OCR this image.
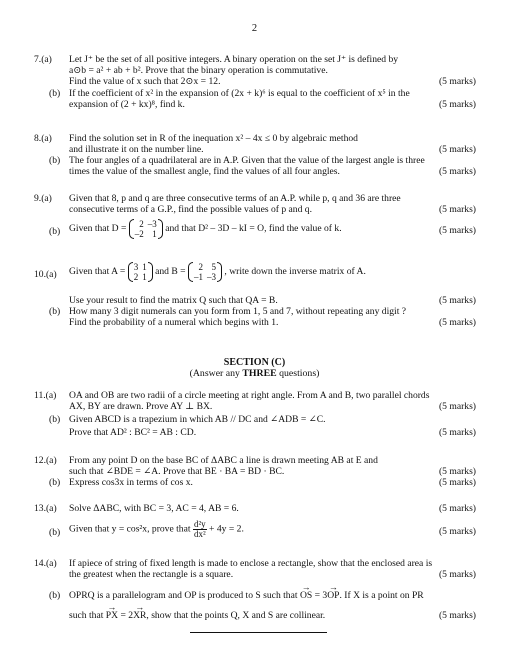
2
7.(a) Let J⁺ be the set of all positive integers. A binary operation on the set J⁺ is defined by
a⊙b = a² + ab + b². Prove that the binary operation is commutative.
Find the value of x such that 2⊙x = 12.	(5 marks)
(b) If the coefficient of x² in the expansion of (2x + k)⁶ is equal to the coefficient of x⁵ in the
expansion of (2 + kx)⁸, find k.	(5 marks)
8.(a) Find the solution set in R of the inequation x² – 4x ≤ 0 by algebraic method
and illustrate it on the number line.	(5 marks)
(b) The four angles of a quadrilateral are in A.P. Given that the value of the largest angle is three
times the value of the smallest angle, find the values of all four angles.	(5 marks)
9.(a) Given that 8, p and q are three consecutive terms of an A.P. while p, q and 36 are three
consecutive terms of a G.P., find the possible values of p and q.	(5 marks)
(b) Given that D = 2	–3
–2	1 and that D² – 3D – kI = O, find the value of k.	(5 marks)
10.(a) Given that A = 3	1
2	1 and B = 2	5
–1	–3 , write down the inverse matrix of A.
Use your result to find the matrix Q such that QA = B.	(5 marks)
(b) How many 3 digit numerals can you form from 1, 5 and 7, without repeating any digit ?
Find the probability of a numeral which begins with 1.	(5 marks)
SECTION (C)
(Answer any THREE questions)
11.(a) OA and OB are two radii of a circle meeting at right angle. From A and B, two parallel chords
AX, BY are drawn. Prove AY ⊥ BX.	(5 marks)
(b) Given ABCD is a trapezium in which AB // DC and ∠ADB = ∠C.
Prove that AD² : BC² = AB : CD.	(5 marks)
12.(a) From any point D on the base BC of ΔABC a line is drawn meeting AB at E and
such that ∠BDE = ∠A. Prove that BE · BA = BD · BC.	(5 marks)
(b) Express cos3x in terms of cos x.	(5 marks)
13.(a) Solve ΔABC, with BC = 3, AC = 4, AB = 6.	(5 marks)
(b) Given that y = cos²x, prove that $\frac{\text{d²y}}{\text{dx²}} + 4y = 2$.	(5 marks)
14.(a) If apiece of string of fixed length is made to enclose a rectangle, show that the enclosed area is
the greatest when the rectangle is a square.	(5 marks)
(b) OPRQ is a parallelogram and OP is produced to S such that → OS = 3→ OP. If X is a point on PR
such that → PX = 2→ XR, show that the points Q, X and S are collinear.	(5 marks)
